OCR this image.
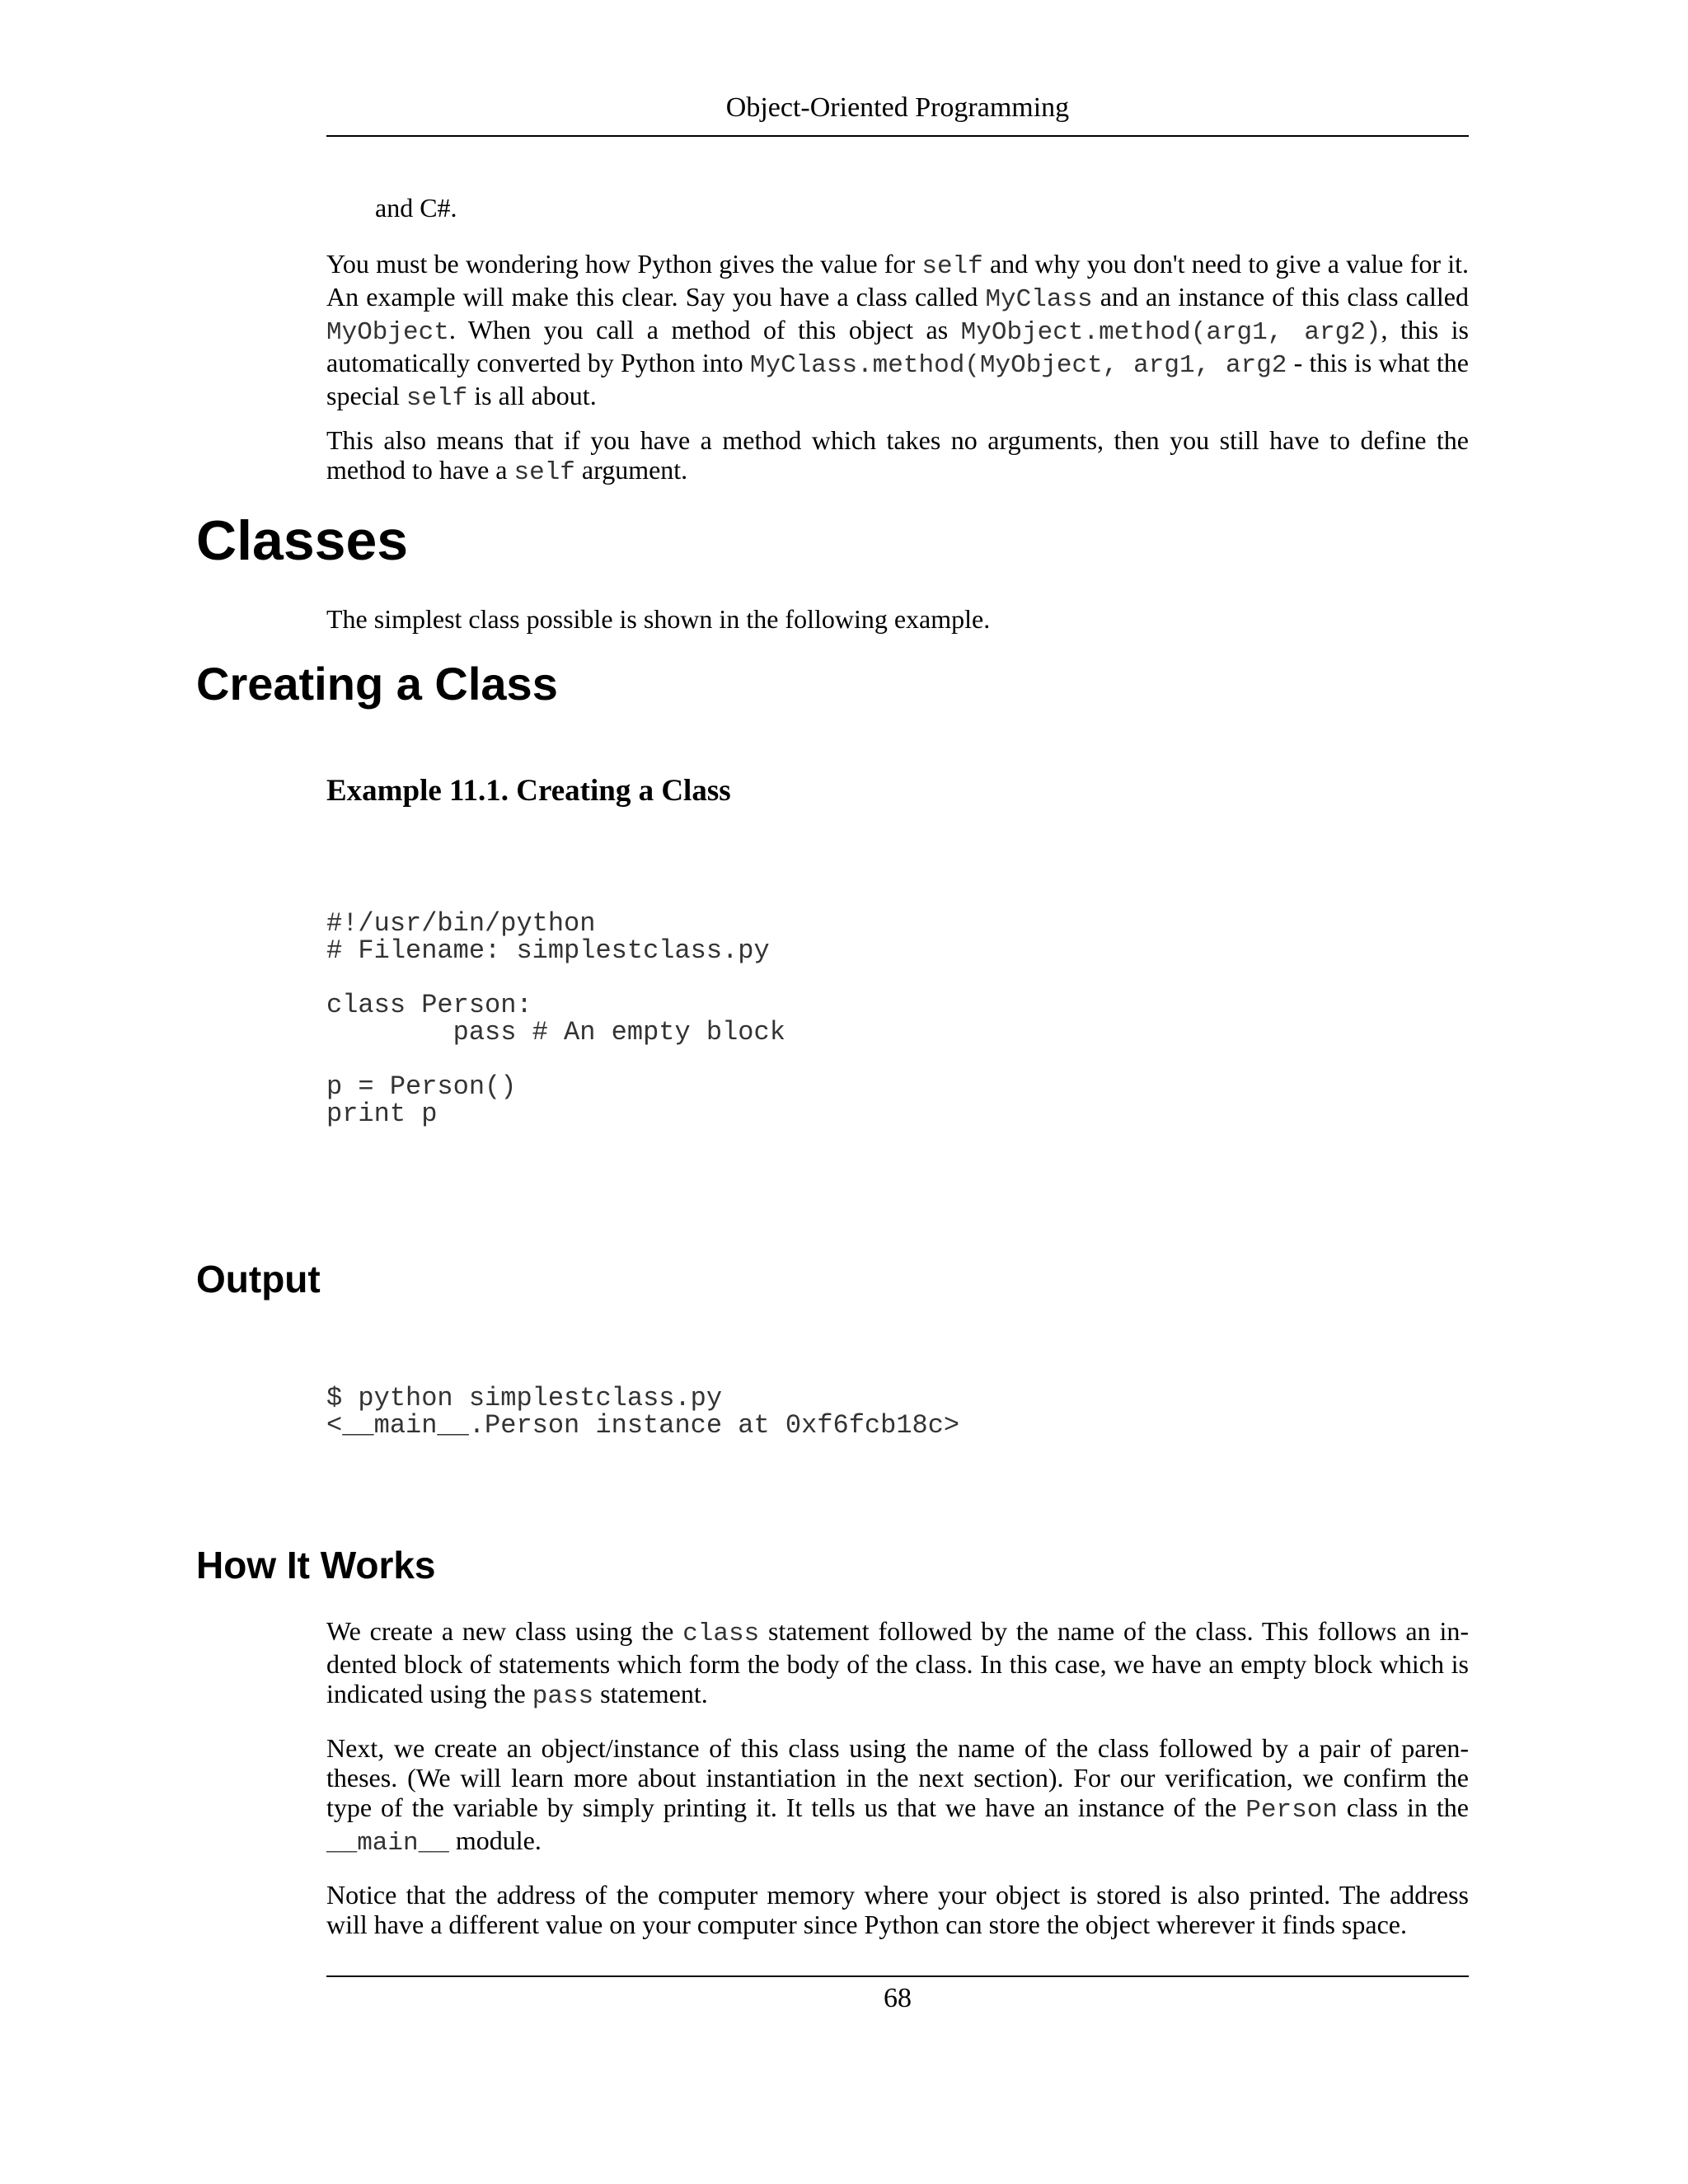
Object-Oriented Programming
and C#.
You must be wondering how Python gives the value for self and why you don't need to give a value for it. An example will make this clear. Say you have a class called MyClass and an instance of this class called MyObject. When you call a method of this object as MyObject.method(arg1, arg2), this is automatically converted by Python into MyClass.method(MyObject, arg1, arg2 - this is what the special self is all about.
This also means that if you have a method which takes no arguments, then you still have to define the method to have a self argument.
Classes
The simplest class possible is shown in the following example.
Creating a Class
Example 11.1. Creating a Class
#!/usr/bin/python
# Filename: simplestclass.py

class Person:
pass # An empty block

p = Person()
print p
Output
$ python simplestclass.py
<__main__.Person instance at 0xf6fcb18c>
How It Works
We create a new class using the class statement followed by the name of the class. This follows an in-dented block of statements which form the body of the class. In this case, we have an empty block which is indicated using the pass statement.
Next, we create an object/instance of this class using the name of the class followed by a pair of paren-theses. (We will learn more about instantiation in the next section). For our verification, we confirm the type of the variable by simply printing it. It tells us that we have an instance of the Person class in the __main__ module.
Notice that the address of the computer memory where your object is stored is also printed. The address will have a different value on your computer since Python can store the object wherever it finds space.
68
